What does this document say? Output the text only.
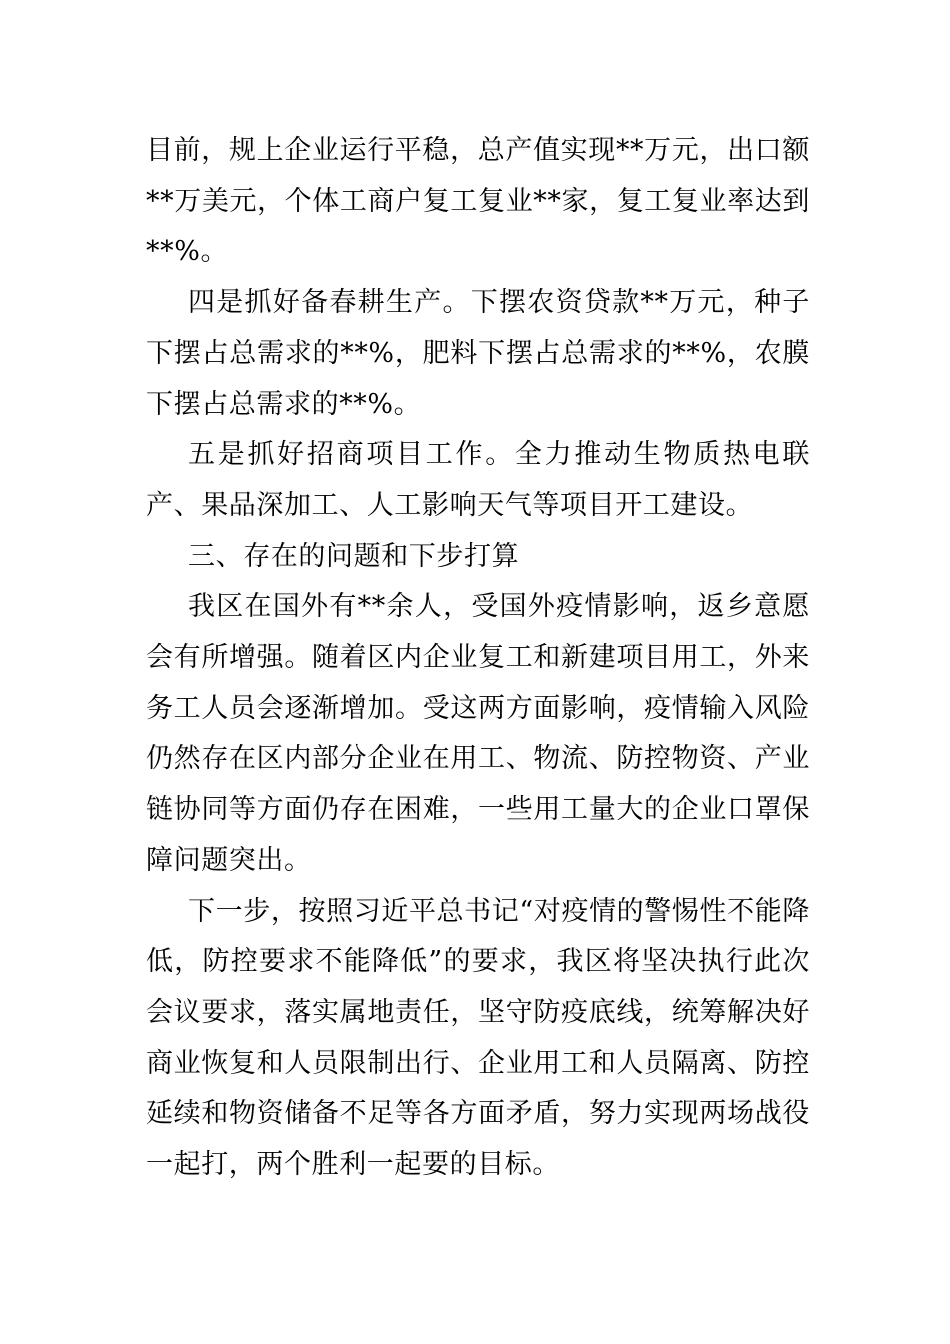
目前，规上企业运行平稳，总产值实现**万元，出口额**万美元，个体工商户复工复业**家，复工复业率达到**%。

四是抓好备春耕生产。下摆农资贷款**万元，种子下摆占总需求的**%，肥料下摆占总需求的**%，农膜下摆占总需求的**%。

五是抓好招商项目工作。全力推动生物质热电联产、果品深加工、人工影响天气等项目开工建设。

三、存在的问题和下步打算

我区在国外有**余人，受国外疫情影响，返乡意愿会有所增强。随着区内企业复工和新建项目用工，外来务工人员会逐渐增加。受这两方面影响，疫情输入风险仍然存在区内部分企业在用工、物流、防控物资、产业链协同等方面仍存在困难，一些用工量大的企业口罩保障问题突出。

下一步，按照习近平总书记“对疫情的警惕性不能降低，防控要求不能降低”的要求，我区将坚决执行此次会议要求，落实属地责任，坚守防疫底线，统筹解决好商业恢复和人员限制出行、企业用工和人员隔离、防控延续和物资储备不足等各方面矛盾，努力实现两场战役一起打，两个胜利一起要的目标。
